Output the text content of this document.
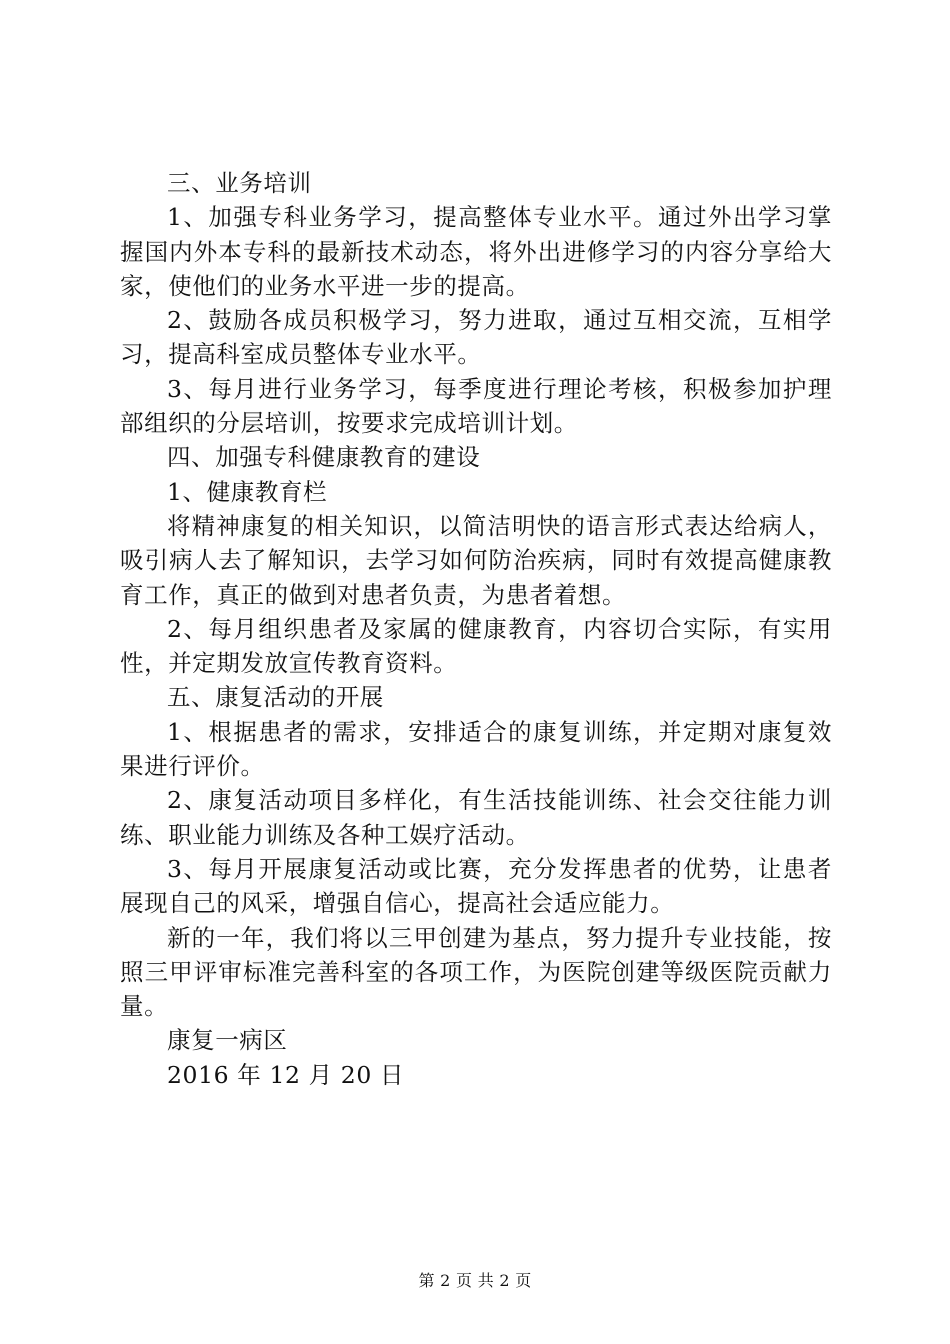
三、业务培训

1、加强专科业务学习，提高整体专业水平。通过外出学习掌握国内外本专科的最新技术动态，将外出进修学习的内容分享给大家，使他们的业务水平进一步的提高。

2、鼓励各成员积极学习，努力进取，通过互相交流，互相学习，提高科室成员整体专业水平。

3、每月进行业务学习，每季度进行理论考核，积极参加护理部组织的分层培训，按要求完成培训计划。

四、加强专科健康教育的建设

1、健康教育栏

将精神康复的相关知识，以简洁明快的语言形式表达给病人，吸引病人去了解知识，去学习如何防治疾病，同时有效提高健康教育工作，真正的做到对患者负责，为患者着想。

2、每月组织患者及家属的健康教育，内容切合实际，有实用性，并定期发放宣传教育资料。

五、康复活动的开展

1、根据患者的需求，安排适合的康复训练，并定期对康复效果进行评价。

2、康复活动项目多样化，有生活技能训练、社会交往能力训练、职业能力训练及各种工娱疗活动。

3、每月开展康复活动或比赛，充分发挥患者的优势，让患者展现自己的风采，增强自信心，提高社会适应能力。

新的一年，我们将以三甲创建为基点，努力提升专业技能，按照三甲评审标准完善科室的各项工作，为医院创建等级医院贡献力量。

康复一病区

2016 年 12 月 20 日

第 2 页 共 2 页
